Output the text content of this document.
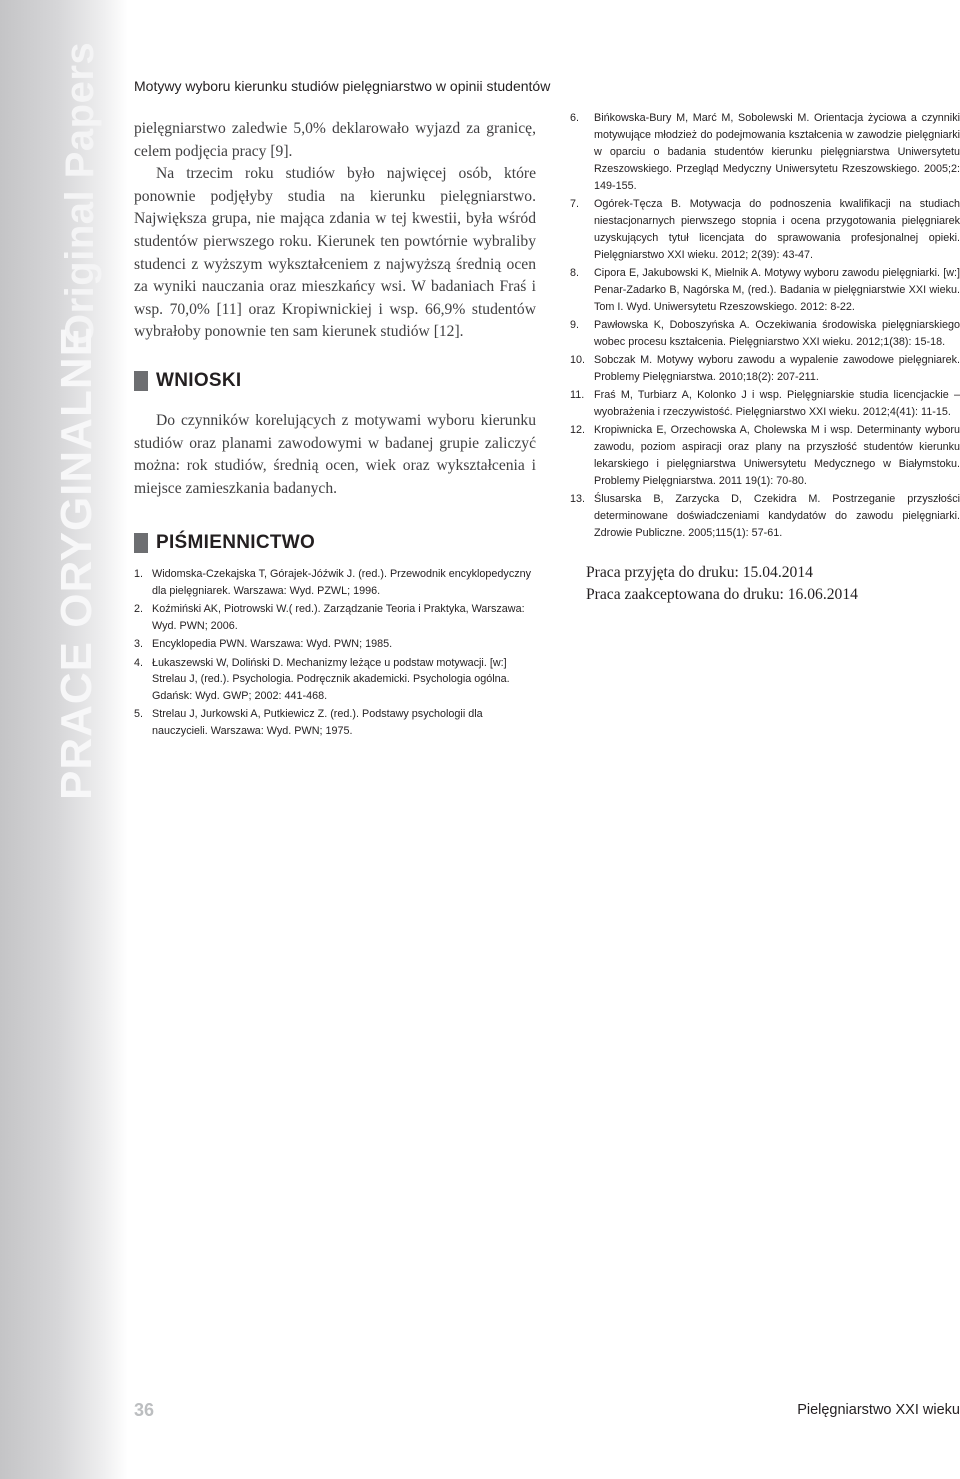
Original Papers
PRACE ORYGINALNE
Motywy wyboru kierunku studiów pielęgniarstwo w opinii studentów

pielęgniarstwo zaledwie 5,0% deklarowało wyjazd za granicę, celem podjęcia pracy [9].

Na trzecim roku studiów było najwięcej osób, które ponownie podjęłyby studia na kierunku pielęgniarstwo. Największa grupa, nie mająca zdania w tej kwestii, była wśród studentów pierwszego roku. Kierunek ten powtórnie wybraliby studenci z wyższym wykształceniem z najwyższą średnią ocen za wyniki nauczania oraz mieszkańcy wsi. W badaniach Fraś i wsp. 70,0% [11] oraz Kropiwnickiej i wsp. 66,9% studentów wybrałoby ponownie ten sam kierunek studiów [12].

WNIOSKI

Do czynników korelujących z motywami wyboru kierunku studiów oraz planami zawodowymi w badanej grupie zaliczyć można: rok studiów, średnią ocen, wiek oraz wykształcenia i miejsce zamieszkania badanych.

PIŚMIENNICTWO
1. Widomska-Czekajska T, Górajek-Jóźwik J. (red.). Przewodnik encyklopedyczny dla pielęgniarek. Warszawa: Wyd. PZWL; 1996.
2. Koźmiński AK, Piotrowski W.( red.). Zarządzanie Teoria i Praktyka, Warszawa: Wyd. PWN; 2006.
3. Encyklopedia PWN. Warszawa: Wyd. PWN; 1985.
4. Łukaszewski W, Doliński D. Mechanizmy leżące u podstaw motywacji. [w:] Strelau J, (red.). Psychologia. Podręcznik akademicki. Psychologia ogólna. Gdańsk: Wyd. GWP; 2002: 441-468.
5. Strelau J, Jurkowski A, Putkiewicz Z. (red.). Podstawy psychologii dla nauczycieli. Warszawa: Wyd. PWN; 1975.
6.	Bińkowska-Bury M, Marć M, Sobolewski M. Orientacja życiowa a czynniki motywujące młodzież do podejmowania kształcenia w zawodzie pielęgniarki w oparciu o badania studentów kierunku pielęgniarstwa Uniwersytetu Rzeszowskiego. Przegląd Medyczny Uniwersytetu Rzeszowskiego. 2005;2: 149-155.
7.	Ogórek-Tęcza B. Motywacja do podnoszenia kwalifikacji na studiach niestacjonarnych pierwszego stopnia i ocena przygotowania pielęgniarek uzyskujących tytuł licencjata do sprawowania profesjonalnej opieki. Pielęgniarstwo XXI wieku. 2012; 2(39): 43-47.
8.	Cipora E, Jakubowski K, Mielnik A. Motywy wyboru zawodu pielęgniarki. [w:] Penar-Zadarko B, Nagórska M, (red.). Badania w pielęgniarstwie XXI wieku. Tom I. Wyd. Uniwersytetu Rzeszowskiego. 2012: 8-22.
9.	Pawłowska K, Doboszyńska A. Oczekiwania środowiska pielęgniarskiego wobec procesu kształcenia. Pielęgniarstwo XXI wieku. 2012;1(38): 15-18.
10. Sobczak M. Motywy wyboru zawodu a wypalenie zawodowe pielęgniarek. Problemy Pielęgniarstwa. 2010;18(2): 207-211.
11. Fraś M, Turbiarz A, Kolonko J i wsp. Pielęgniarskie studia licencjackie – wyobrażenia i rzeczywistość. Pielęgniarstwo XXI wieku. 2012;4(41): 11-15.
12. Kropiwnicka E, Orzechowska A, Cholewska M i wsp. Determinanty wyboru zawodu, poziom aspiracji oraz plany na przyszłość studentów kierunku lekarskiego i pielęgniarstwa Uniwersytetu Medycznego w Białymstoku. Problemy Pielęgniarstwa. 2011 19(1): 70-80.
13. Ślusarska B, Zarzycka D, Czekidra M. Postrzeganie przyszłości determinowane doświadczeniami kandydatów do zawodu pielęgniarki. Zdrowie Publiczne. 2005;115(1): 57-61.
Praca przyjęta do druku: 15.04.2014
Praca zaakceptowana do druku: 16.06.2014
36	Pielęgniarstwo XXI wieku
